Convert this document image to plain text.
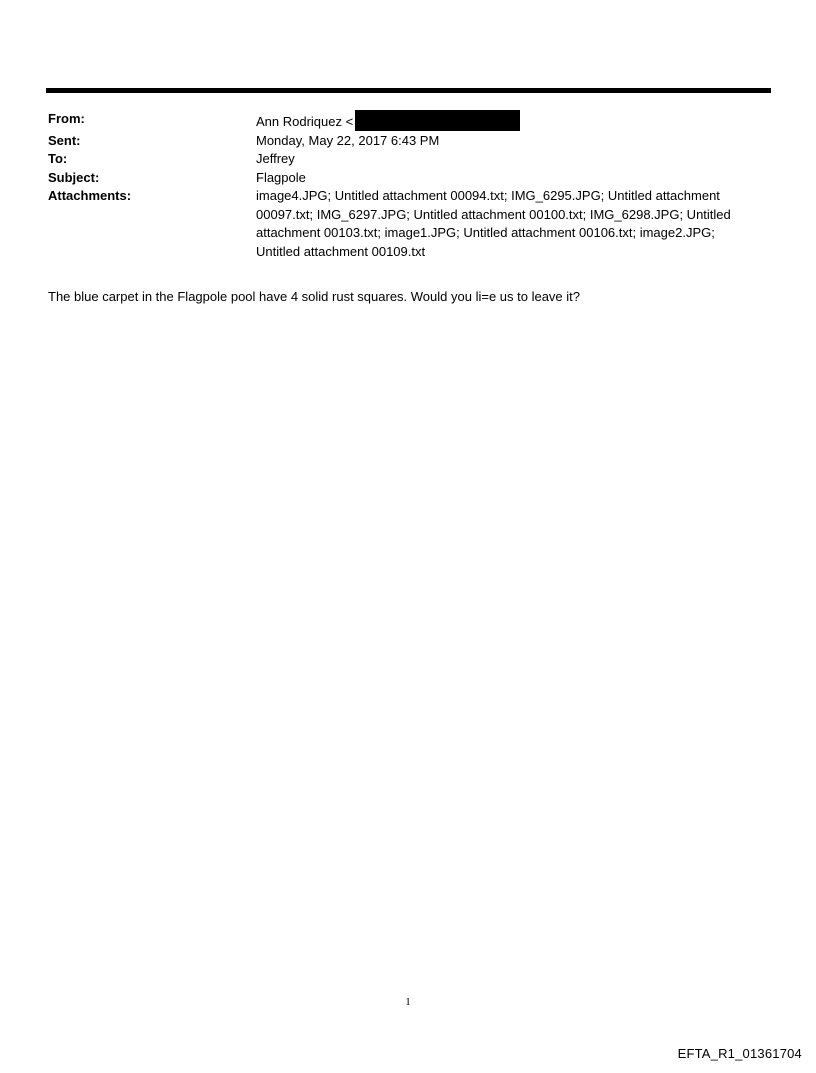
From:	Ann Rodriquez <
Sent:	Monday, May 22, 2017 6:43 PM
To:	Jeffrey
Subject:	Flagpole
Attachments:	image4.JPG; Untitled attachment 00094.txt; IMG_6295.JPG; Untitled attachment 00097.txt; IMG_6297.JPG; Untitled attachment 00100.txt; IMG_6298.JPG; Untitled attachment 00103.txt; image1.JPG; Untitled attachment 00106.txt; image2.JPG; Untitled attachment 00109.txt
The blue carpet in the Flagpole pool have 4 solid rust squares. Would you li=e us to leave it?
1
EFTA_R1_01361704
